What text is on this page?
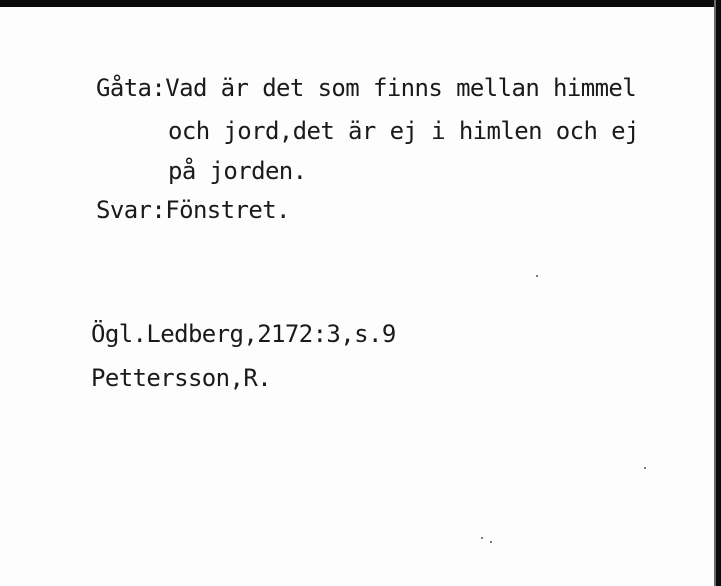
Gåta:Vad är det som finns mellan himmel

och jord,det är ej i himlen och ej

på jorden.

Svar:Fönstret.

Ögl.Ledberg,2172:3,s.9

Pettersson,R.
